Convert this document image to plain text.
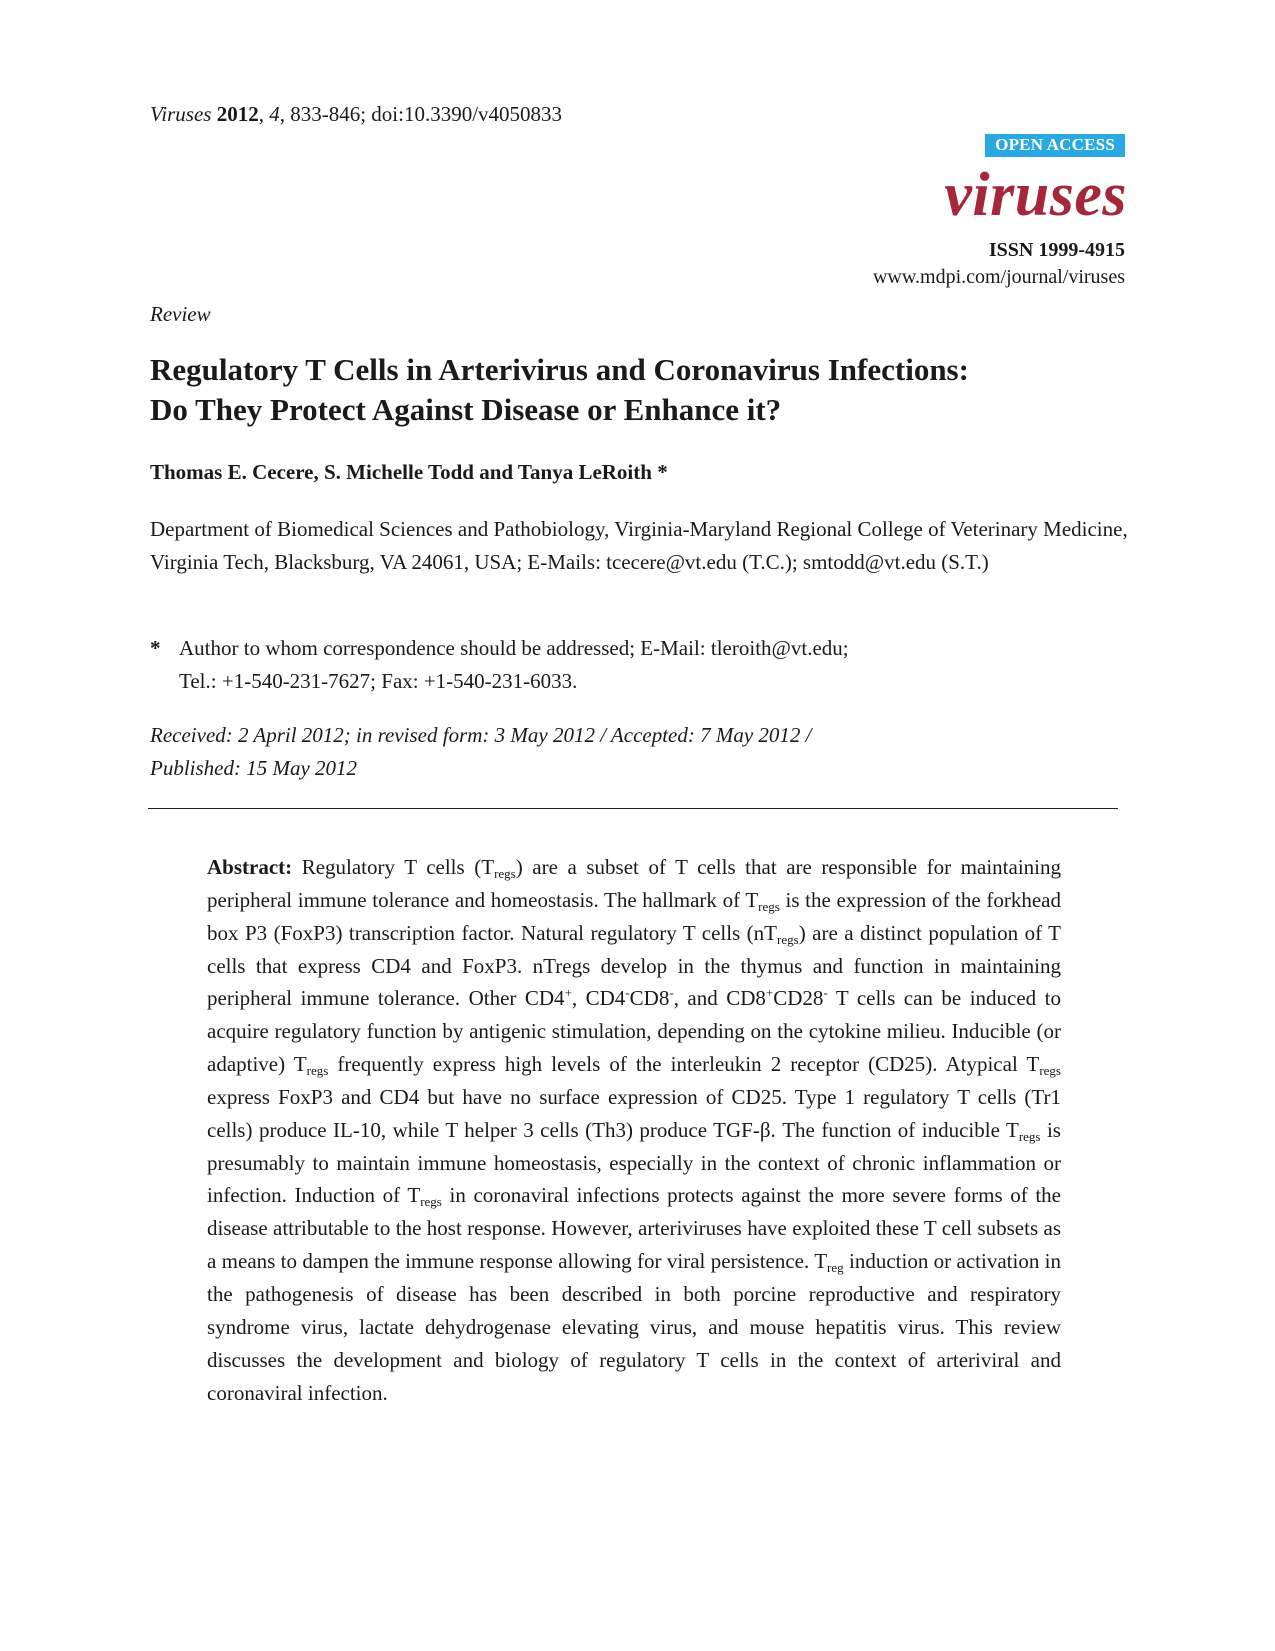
Viruses 2012, 4, 833-846; doi:10.3390/v4050833
OPEN ACCESS
viruses
ISSN 1999-4915
www.mdpi.com/journal/viruses
Review
Regulatory T Cells in Arterivirus and Coronavirus Infections:
Do They Protect Against Disease or Enhance it?
Thomas E. Cecere, S. Michelle Todd and Tanya LeRoith *
Department of Biomedical Sciences and Pathobiology, Virginia-Maryland Regional College of Veterinary Medicine, Virginia Tech, Blacksburg, VA 24061, USA; E-Mails: tcecere@vt.edu (T.C.); smtodd@vt.edu (S.T.)
* Author to whom correspondence should be addressed; E-Mail: tleroith@vt.edu;
Tel.: +1-540-231-7627; Fax: +1-540-231-6033.
Received: 2 April 2012; in revised form: 3 May 2012 / Accepted: 7 May 2012 /
Published: 15 May 2012
Abstract: Regulatory T cells $(T_{regs})$ are a subset of T cells that are responsible for maintaining peripheral immune tolerance and homeostasis. The hallmark of $T_{regs}$ is the expression of the forkhead box P3 (FoxP3) transcription factor. Natural regulatory T cells $(nT_{regs})$ are a distinct population of T cells that express CD4 and FoxP3. nTregs develop in the thymus and function in maintaining peripheral immune tolerance. Other CD4+, CD4-CD8-, and CD8+CD28- T cells can be induced to acquire regulatory function by antigenic stimulation, depending on the cytokine milieu. Inducible (or adaptive) $T_{regs}$ frequently express high levels of the interleukin 2 receptor (CD25). Atypical $T_{regs}$ express FoxP3 and CD4 but have no surface expression of CD25. Type 1 regulatory T cells (Tr1 cells) produce IL-10, while T helper 3 cells (Th3) produce TGF-β. The function of inducible $T_{regs}$ is presumably to maintain immune homeostasis, especially in the context of chronic inflammation or infection. Induction of $T_{regs}$ in coronaviral infections protects against the more severe forms of the disease attributable to the host response. However, arteriviruses have exploited these T cell subsets as a means to dampen the immune response allowing for viral persistence. $T_{reg}$ induction or activation in the pathogenesis of disease has been described in both porcine reproductive and respiratory syndrome virus, lactate dehydrogenase elevating virus, and mouse hepatitis virus. This review discusses the development and biology of regulatory T cells in the context of arteriviral and coronaviral infection.
